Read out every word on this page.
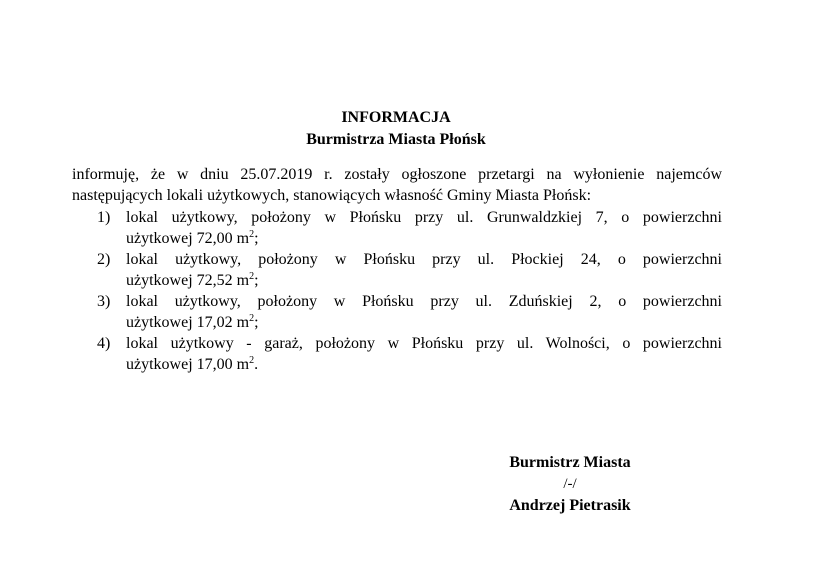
INFORMACJA

Burmistrza Miasta Płońsk

informuję, że w dniu 25.07.2019 r. zostały ogłoszone przetargi na wyłonienie najemców
następujących lokali użytkowych, stanowiących własność Gminy Miasta Płońsk:

1) lokal użytkowy, położony w Płońsku przy ul. Grunwaldzkiej 7, o powierzchni
użytkowej 72,00 $m^2$;
2) lokal użytkowy, położony w Płońsku przy ul. Płockiej 24, o powierzchni
użytkowej 72,52 $m^2$;
3) lokal użytkowy, położony w Płońsku przy ul. Zduńskiej 2, o powierzchni
użytkowej 17,02 $m^2$;
4) lokal użytkowy - garaż, położony w Płońsku przy ul. Wolności, o powierzchni
użytkowej 17,00 $m^2$.

Burmistrz Miasta

/-/

Andrzej Pietrasik
